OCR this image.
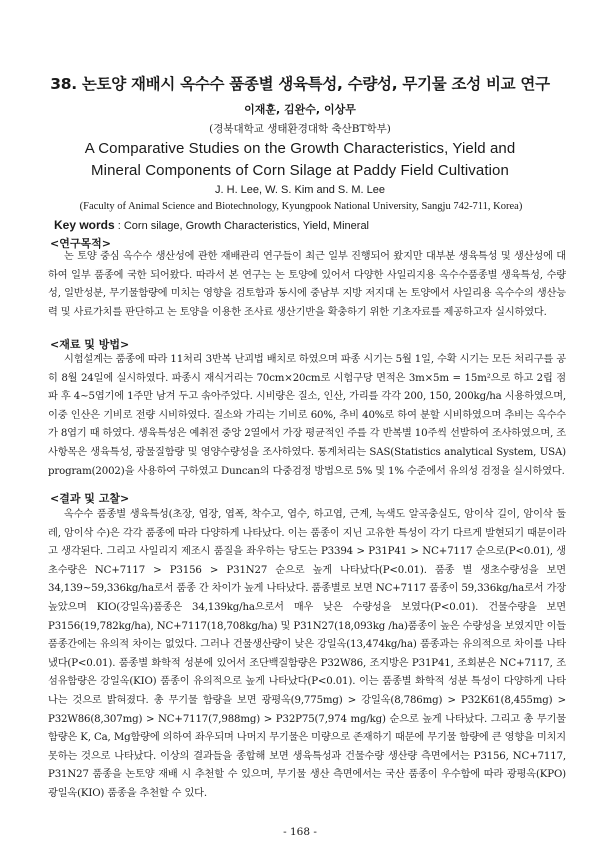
38. 논토양 재배시 옥수수 품종별 생육특성, 수량성, 무기물 조성 비교 연구
이재훈, 김완수, 이상무
(경북대학교 생태환경대학 축산BT학부)
A Comparative Studies on the Growth Characteristics, Yield and
Mineral Components of Corn Silage at Paddy Field Cultivation
J. H. Lee, W. S. Kim and S. M. Lee
(Faculty of Animal Science and Biotechnology, Kyungpook National University, Sangju 742-711, Korea)
Key words : Corn silage, Growth Characteristics, Yield, Mineral
<연구목적>
논 토양 중심 옥수수 생산성에 관한 재배관리 연구들이 최근 일부 진행되어 왔지만 대부분 생육특성 및 생산성에 대하여 일부 품종에 국한 되어왔다. 따라서 본 연구는 논 토양에 있어서 다양한 사일리지용 옥수수품종별 생육특성, 수량성, 일반성분, 무기물함량에 미치는 영향을 검토함과 동시에 중남부 지방 저지대 논 토양에서 사일리용 옥수수의 생산능력 및 사료가치를 판단하고 논 토양을 이용한 조사료 생산기반을 확충하기 위한 기초자료를 제공하고자 실시하였다.
<재료 및 방법>
시험설계는 품종에 따라 11처리 3반복 난괴법 배치로 하였으며 파종 시기는 5월 1일, 수확 시기는 모든 처리구를 공히 8월 24일에 실시하였다. 파종시 재식거리는 70cm×20cm로 시험구당 면적은 3m×5m = 15m²으로 하고 2립 점파 후 4~5엽기에 1주만 남겨 두고 솎아주었다. 시비량은 질소, 인산, 가리를 각각 200, 150, 200kg/ha 시용하였으며, 이중 인산은 기비로 전량 시비하였다. 질소와 가리는 기비로 60%, 추비 40%로 하여 분할 시비하였으며 추비는 옥수수가 8엽기 때 하였다. 생육특성은 예취전 중앙 2열에서 가장 평균적인 주를 각 반복별 10주씩 선발하여 조사하였으며, 조사항목은 생육특성, 광물질함량 및 영양수량성을 조사하였다. 통계처리는 SAS(Statistics analytical System, USA) program(2002)을 사용하여 구하였고 Duncan의 다중검정 방법으로 5% 및 1% 수준에서 유의성 검정을 실시하였다.
<결과 및 고찰>
옥수수 품종별 생육특성(초장, 엽장, 엽폭, 착수고, 엽수, 하고엽, 근계, 녹색도 알곡충실도, 암이삭 길이, 암이삭 둘레, 암이삭 수)은 각각 품종에 따라 다양하게 나타났다. 이는 품종이 지닌 고유한 특성이 각기 다르게 발현되기 때문이라고 생각된다. 그리고 사일리지 제조시 품질을 좌우하는 당도는 P3394 > P31P41 > NC+7117 순으로(P<0.01), 생초수량은 NC+7117 > P3156 > P31N27 순으로 높게 나타났다(P<0.01). 품종 별 생초수량성을 보면 34,139~59,336kg/ha로서 품종 간 차이가 높게 나타났다. 품종별로 보면 NC+7117 품종이 59,336kg/ha로서 가장 높았으며 KIO(강일옥)품종은 34,139kg/ha으로서 매우 낮은 수량성을 보였다(P<0.01). 건물수량을 보면 P3156(19,782kg/ha), NC+7117(18,708kg/ha) 및 P31N27(18,093kg /ha)품종이 높은 수량성을 보였지만 이들 품종간에는 유의적 차이는 없었다. 그러나 건물생산량이 낮은 강일옥(13,474kg/ha) 품종과는 유의적으로 차이를 나타냈다(P<0.01). 품종별 화학적 성분에 있어서 조단백질함량은 P32W86, 조지방은 P31P41, 조회분은 NC+7117, 조섬유함량은 강일옥(KIO) 품종이 유의적으로 높게 나타났다(P<0.01). 이는 품종별 화학적 성분 특성이 다양하게 나타나는 것으로 밝혀졌다. 총 무기물 함량을 보면 광평옥(9,775mg) > 강일옥(8,786mg) > P32K61(8,455mg) > P32W86(8,307mg) > NC+7117(7,988mg) > P32P75(7,974 mg/kg) 순으로 높게 나타났다. 그리고 총 무기물 함량은 K, Ca, Mg함량에 의하여 좌우되며 나머지 무기물은 미량으로 존재하기 때문에 무기물 함량에 큰 영향을 미치지 못하는 것으로 나타났다. 이상의 결과들을 종합해 보면 생육특성과 건물수량 생산량 측면에서는 P3156, NC+7117, P31N27 품종을 논토양 재배 시 추천할 수 있으며, 무기물 생산 측면에서는 국산 품종이 우수함에 따라 광평옥(KPO) 광일옥(KIO) 품종을 추천할 수 있다.
- 168 -
